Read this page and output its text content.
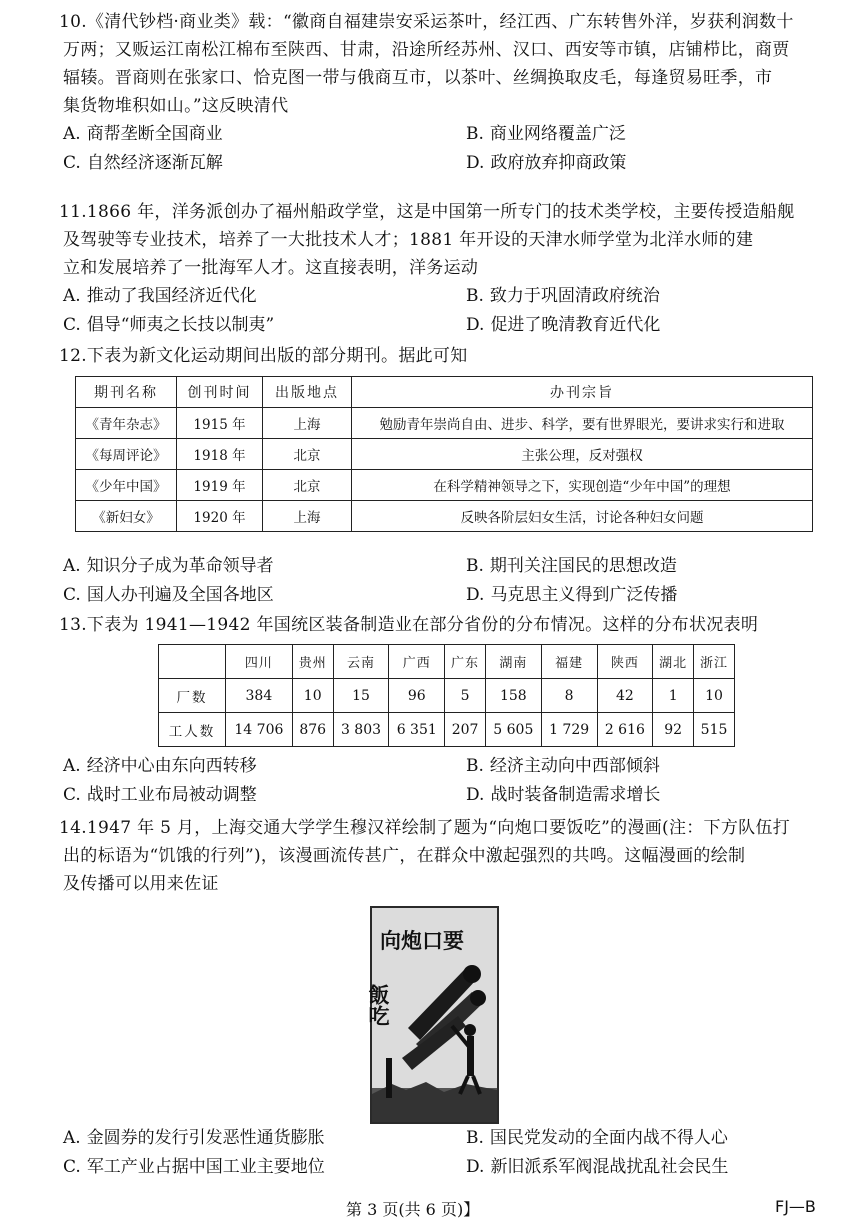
10.《清代钞档·商业类》载：“徽商自福建崇安采运茶叶，经江西、广东转售外洋，岁获利润数十
万两；又贩运江南松江棉布至陕西、甘肃，沿途所经苏州、汉口、西安等市镇，店铺栉比，商贾
辐辏。晋商则在张家口、恰克图一带与俄商互市，以茶叶、丝绸换取皮毛，每逢贸易旺季，市
集货物堆积如山。”这反映清代
A. 商帮垄断全国商业	B. 商业网络覆盖广泛
C. 自然经济逐渐瓦解	D. 政府放弃抑商政策
11.1866 年，洋务派创办了福州船政学堂，这是中国第一所专门的技术类学校，主要传授造船舰
及驾驶等专业技术，培养了一大批技术人才；1881 年开设的天津水师学堂为北洋水师的建
立和发展培养了一批海军人才。这直接表明，洋务运动
A. 推动了我国经济近代化	B. 致力于巩固清政府统治
C. 倡导“师夷之长技以制夷”	D. 促进了晚清教育近代化
12.下表为新文化运动期间出版的部分期刊。据此可知
期刊名称	创刊时间	出版地点	办刊宗旨
《青年杂志》	1915 年	上海	勉励青年崇尚自由、进步、科学，要有世界眼光，要讲求实行和进取
《每周评论》	1918 年	北京	主张公理，反对强权
《少年中国》	1919 年	北京	在科学精神领导之下，实现创造“少年中国”的理想
《新妇女》	1920 年	上海	反映各阶层妇女生活，讨论各种妇女问题
A. 知识分子成为革命领导者	B. 期刊关注国民的思想改造
C. 国人办刊遍及全国各地区	D. 马克思主义得到广泛传播
13.下表为 1941—1942 年国统区装备制造业在部分省份的分布情况。这样的分布状况表明
	四川	贵州	云南	广西	广东	湖南	福建	陕西	湖北	浙江
厂数	384	10	15	96	5	158	8	42	1	10
工人数	14 706	876	3 803	6 351	207	5 605	1 729	2 616	92	515
A. 经济中心由东向西转移	B. 经济主动向中西部倾斜
C. 战时工业布局被动调整	D. 战时装备制造需求增长
14.1947 年 5 月，上海交通大学学生穆汉祥绘制了题为“向炮口要饭吃”的漫画(注：下方队伍打
出的标语为“饥饿的行列”)，该漫画流传甚广，在群众中激起强烈的共鸣。这幅漫画的绘制
及传播可以用来佐证
向炮口要
飯吃
A. 金圆券的发行引发恶性通货膨胀	B. 国民党发动的全面内战不得人心
C. 军工产业占据中国工业主要地位	D. 新旧派系军阀混战扰乱社会民生
第 3 页(共 6 页)】	FJ—B
